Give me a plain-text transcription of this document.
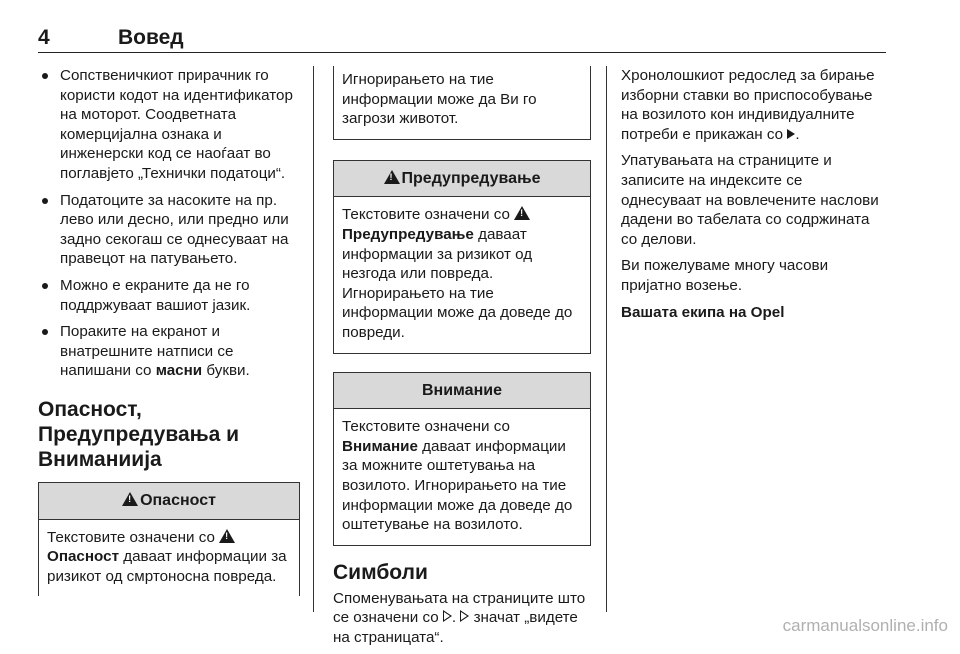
4	Вовед
Сопственичкиот прирачник го користи кодот на идентификатор на моторот. Соодветната комерцијална ознака и инженерски код се наоѓаат во поглавјето „Технички податоци“.
Податоците за насоките на пр. лево или десно, или предно или задно секогаш се однесуваат на правецот на патувањето.
Можно е екраните да не го поддржуваат вашиот јазик.
Пораките на екранот и внатрешните натписи се напишани со масни букви.
Опасност,
Предупредувања и
Вниманиија
!Опасност
Текстовите означени со !Опасност даваат информации за ризикот од смртоносна повреда.
Игнорирањето на тие информации може да Ви го загрози животот.
!Предупредување
Текстовите означени со !Предупредување даваат информации за ризикот од незгода или повреда. Игнорирањето на тие информации може да доведе до повреди.
Внимание
Текстовите означени со Внимание даваат информации за можните оштетувања на возилото. Игнорирањето на тие информации може да доведе до оштетување на возилото.
Симболи
Споменувањата на страниците што се означени со .  значат „видете на страницата“.
Хронолошкиот редослед за бирање изборни ставки во приспособувањe на возилото кон индивидуалните потреби е прикажан со .
Упатувањата на страниците и записите на индексите се однесуваат на вовлечените наслови дадени во табелата со содржината со делови.
Ви пожелуваме многу часови пријатно возење.
Вашата екипа на Opel
carmanualsonline.info
